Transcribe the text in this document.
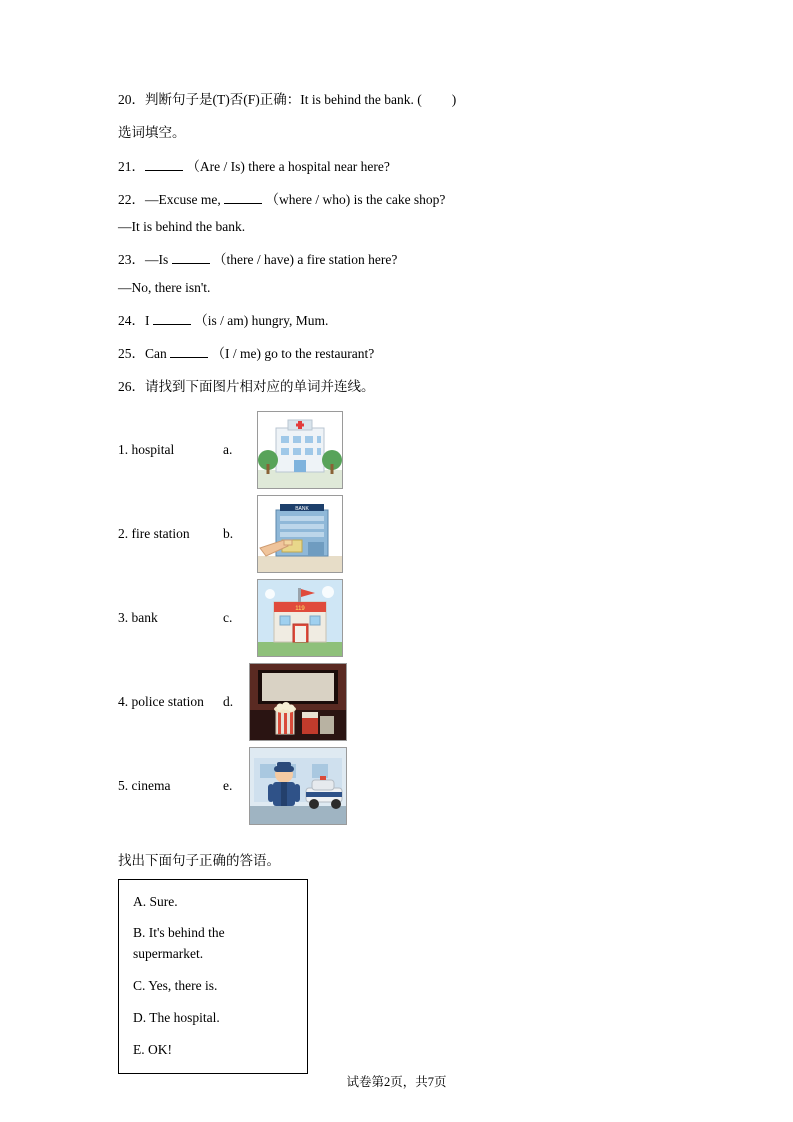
20．判断句子是(T)否(F)正确：It is behind the bank. ( )

选词填空。

21．	（Are / Is) there a hospital near here?

22．—Excuse me,	（where / who) is the cake shop?

—It is behind the bank.

23．—Is	（there / have) a fire station here?

—No, there isn't.

24．I	（is / am) hungry, Mum.

25．Can	（I / me) go to the restaurant?

26．请找到下面图片相对应的单词并连线。

1. hospital	a.
2. fire station	b.
BANK
3. bank	c.
119
4. police station	d.
5. cinema	e.

找出下面句子正确的答语。

A. Sure.
B. It's behind the supermarket.
C. Yes, there is.
D. The hospital.
E. OK!
试卷第2页，共7页
